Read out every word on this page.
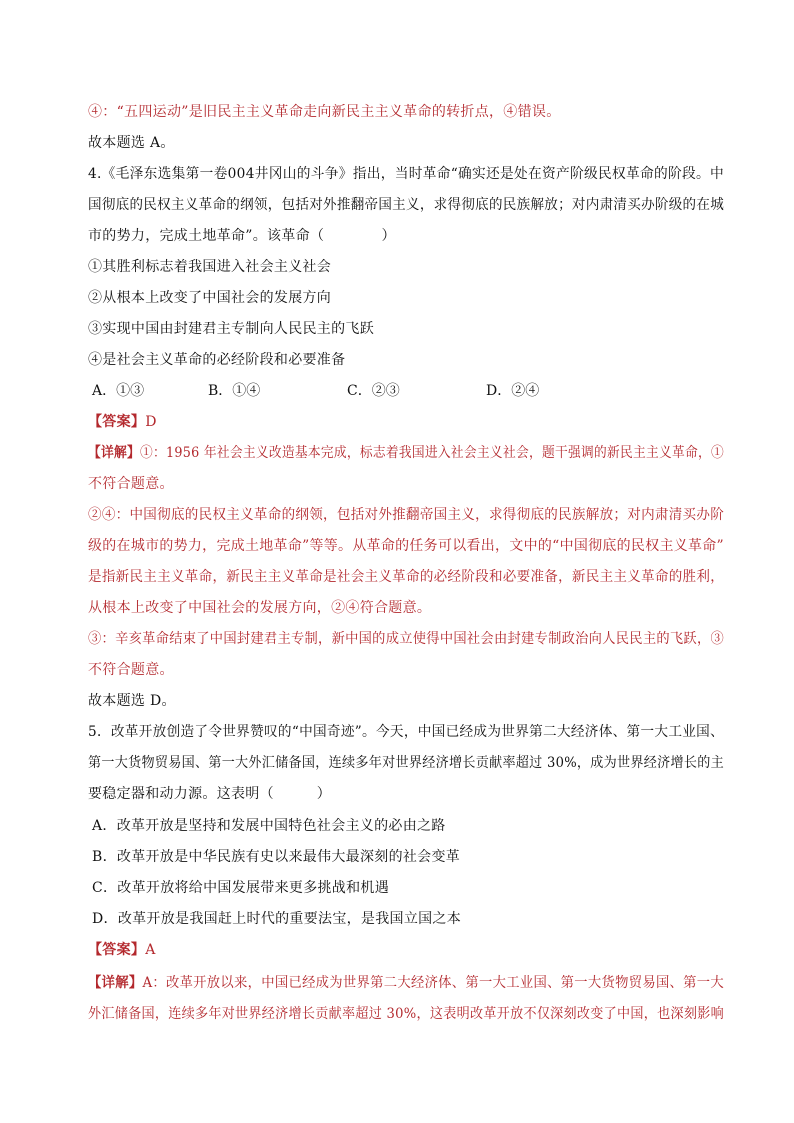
④：“五四运动”是旧民主主义革命走向新民主主义革命的转折点，④错误。
故本题选 A。
4.《毛泽东选集第一卷004井冈山的斗争》指出，当时革命“确实还是处在资产阶级民权革命的阶段。中
国彻底的民权主义革命的纲领，包括对外推翻帝国主义，求得彻底的民族解放；对内肃清买办阶级的在城
市的势力，完成土地革命”。该革命（　　　　）
①其胜利标志着我国进入社会主义社会
②从根本上改变了中国社会的发展方向
③实现中国由封建君主专制向人民民主的飞跃
④是社会主义革命的必经阶段和必要准备
A．①③	B．①④	C．②③	D．②④
【答案】D
【详解】①：1956 年社会主义改造基本完成，标志着我国进入社会主义社会，题干强调的新民主主义革命，①
不符合题意。
②④：中国彻底的民权主义革命的纲领，包括对外推翻帝国主义，求得彻底的民族解放；对内肃清买办阶
级的在城市的势力，完成土地革命”等等。从革命的任务可以看出，文中的“中国彻底的民权主义革命”
是指新民主主义革命，新民主主义革命是社会主义革命的必经阶段和必要准备，新民主主义革命的胜利，
从根本上改变了中国社会的发展方向，②④符合题意。
③：辛亥革命结束了中国封建君主专制，新中国的成立使得中国社会由封建专制政治向人民民主的飞跃，③
不符合题意。
故本题选 D。
5．改革开放创造了令世界赞叹的“中国奇迹”。今天，中国已经成为世界第二大经济体、第一大工业国、
第一大货物贸易国、第一大外汇储备国，连续多年对世界经济增长贡献率超过 30%，成为世界经济增长的主
要稳定器和动力源。这表明（　　　）
A．改革开放是坚持和发展中国特色社会主义的必由之路
B．改革开放是中华民族有史以来最伟大最深刻的社会变革
C．改革开放将给中国发展带来更多挑战和机遇
D．改革开放是我国赶上时代的重要法宝，是我国立国之本
【答案】A
【详解】A：改革开放以来，中国已经成为世界第二大经济体、第一大工业国、第一大货物贸易国、第一大
外汇储备国，连续多年对世界经济增长贡献率超过 30%，这表明改革开放不仅深刻改变了中国，也深刻影响
